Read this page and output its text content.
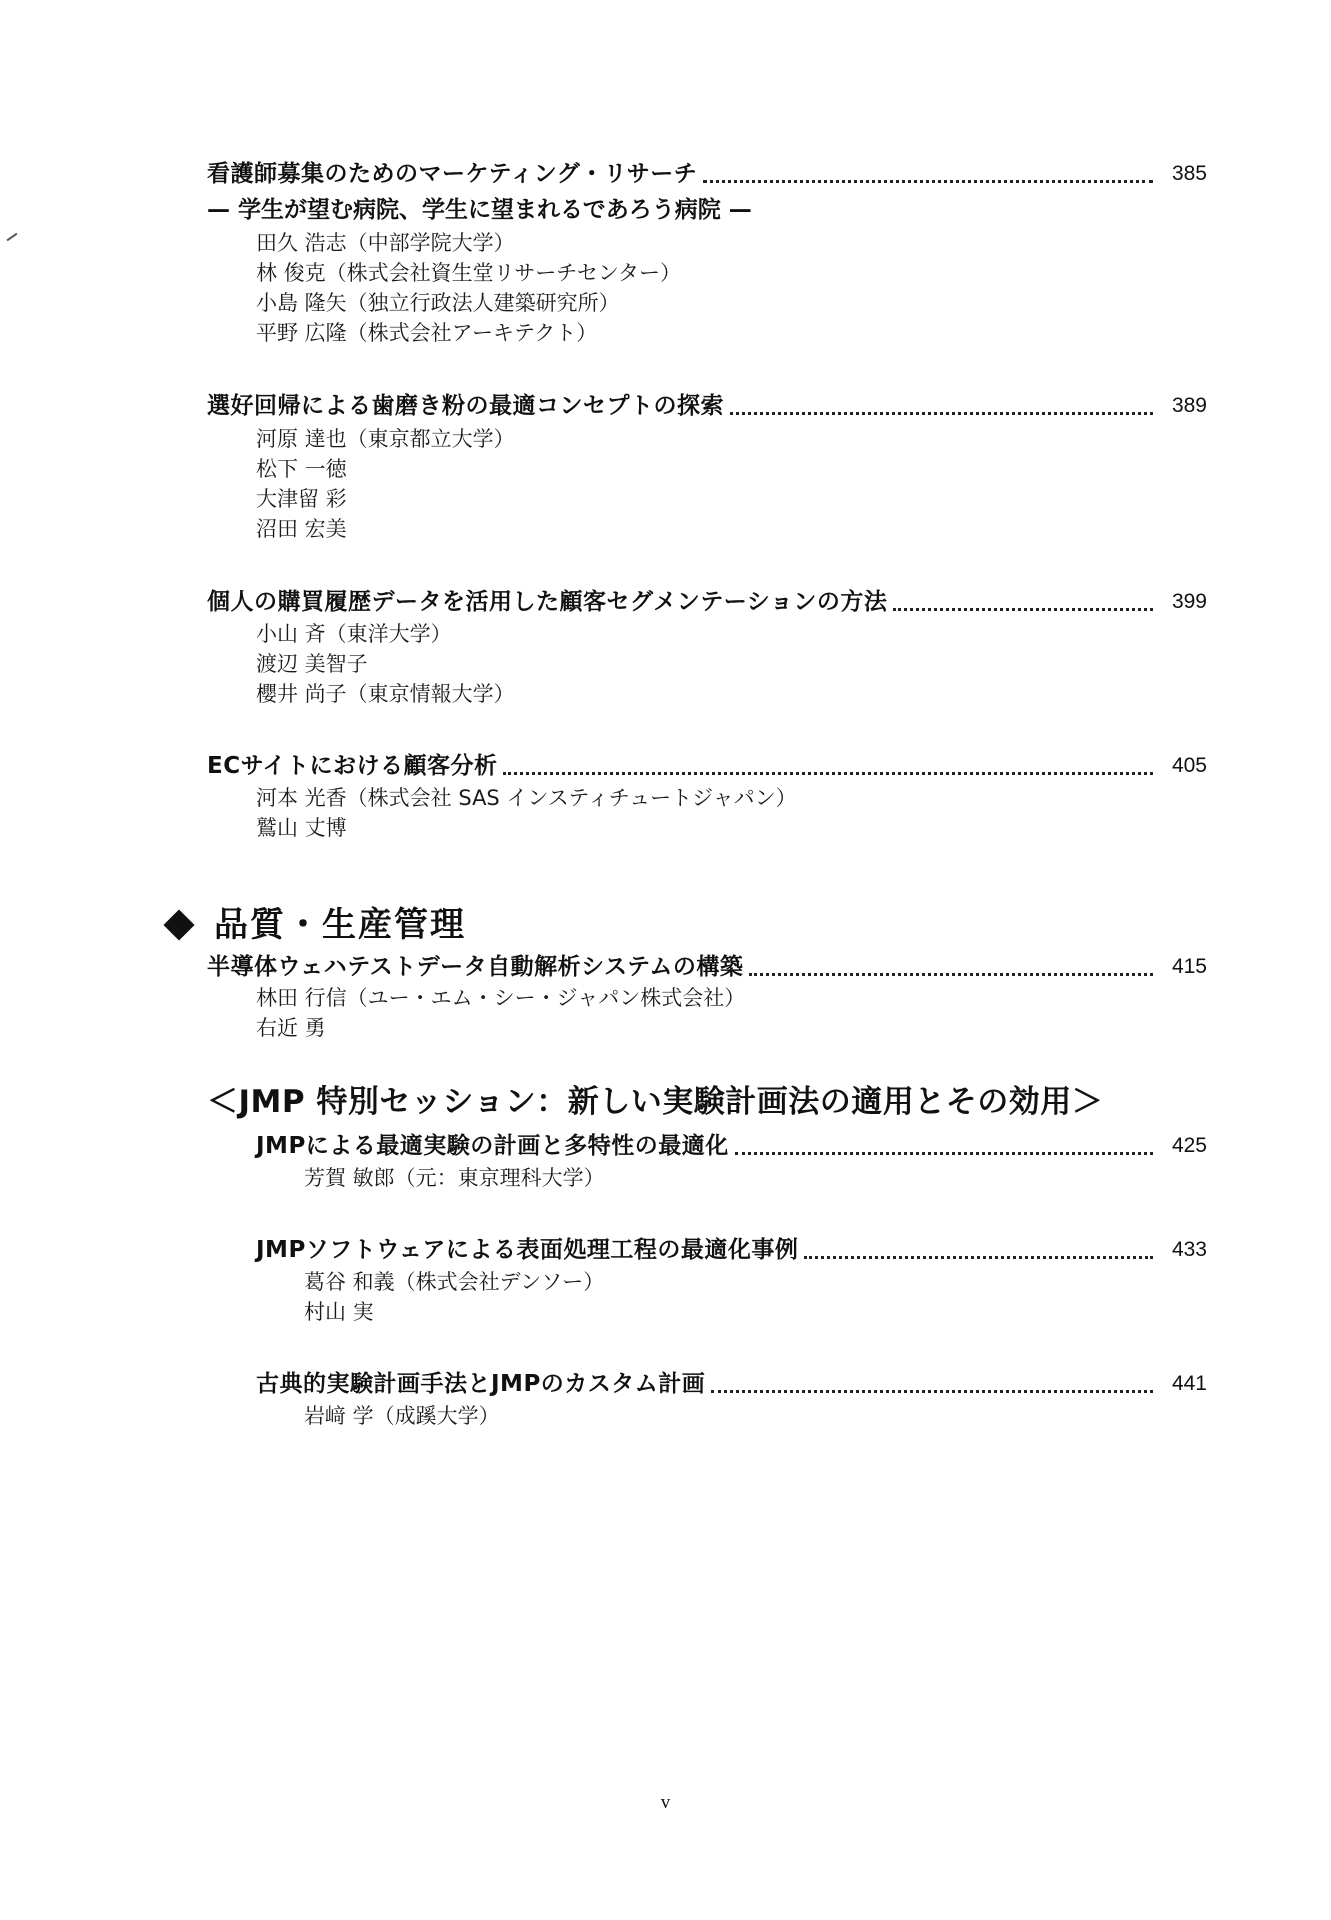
看護師募集のためのマーケティング・リサーチ	385
— 学生が望む病院、学生に望まれるであろう病院 —
田久 浩志（中部学院大学）
林 俊克（株式会社資生堂リサーチセンター）
小島 隆矢（独立行政法人建築研究所）
平野 広隆（株式会社アーキテクト）
選好回帰による歯磨き粉の最適コンセプトの探索	389
河原 達也（東京都立大学）
松下 一徳
大津留 彩
沼田 宏美
個人の購買履歴データを活用した顧客セグメンテーションの方法	399
小山 斉（東洋大学）
渡辺 美智子
櫻井 尚子（東京情報大学）
ECサイトにおける顧客分析	405
河本 光香（株式会社 SAS インスティチュートジャパン）
鷲山 丈博
品質・生産管理
半導体ウェハテストデータ自動解析システムの構築	415
林田 行信（ユー・エム・シー・ジャパン株式会社）
右近 勇
＜JMP 特別セッション：新しい実験計画法の適用とその効用＞
JMPによる最適実験の計画と多特性の最適化	425
芳賀 敏郎（元：東京理科大学）
JMPソフトウェアによる表面処理工程の最適化事例	433
葛谷 和義（株式会社デンソー）
村山 実
古典的実験計画手法とJMPのカスタム計画	441
岩﨑 学（成蹊大学）
v
